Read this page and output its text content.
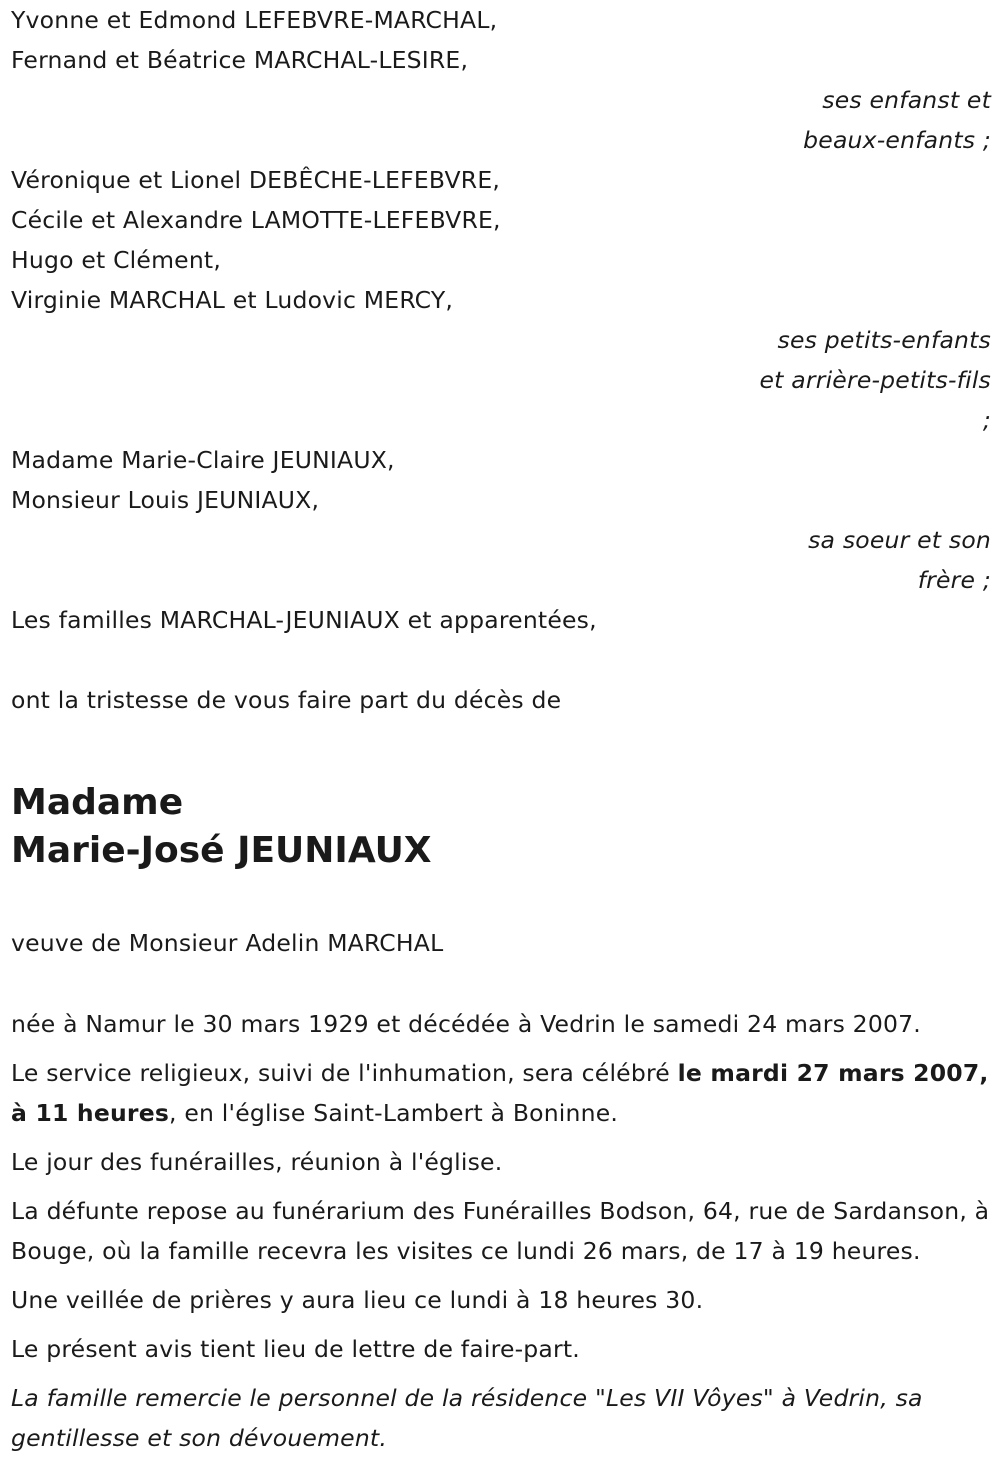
Yvonne et Edmond LEFEBVRE-MARCHAL,
Fernand et Béatrice MARCHAL-LESIRE,
ses enfanst et
beaux-enfants ;
Véronique et Lionel DEBÊCHE-LEFEBVRE,
Cécile et Alexandre LAMOTTE-LEFEBVRE,
Hugo et Clément,
Virginie MARCHAL et Ludovic MERCY,
ses petits-enfants
et arrière-petits-fils
;
Madame Marie-Claire JEUNIAUX,
Monsieur Louis JEUNIAUX,
sa soeur et son
frère ;
Les familles MARCHAL-JEUNIAUX et apparentées,
ont la tristesse de vous faire part du décès de
Madame
Marie-José JEUNIAUX
veuve de Monsieur Adelin MARCHAL
née à Namur le 30 mars 1929 et décédée à Vedrin le samedi 24 mars 2007.
Le service religieux, suivi de l'inhumation, sera célébré le mardi 27 mars 2007, à 11 heures, en l'église Saint-Lambert à Boninne.
Le jour des funérailles, réunion à l'église.
La défunte repose au funérarium des Funérailles Bodson, 64, rue de Sardanson, à Bouge, où la famille recevra les visites ce lundi 26 mars, de 17 à 19 heures.
Une veillée de prières y aura lieu ce lundi à 18 heures 30.
Le présent avis tient lieu de lettre de faire-part.
La famille remercie le personnel de la résidence "Les VII Vôyes" à Vedrin, sa gentillesse et son dévouement.
